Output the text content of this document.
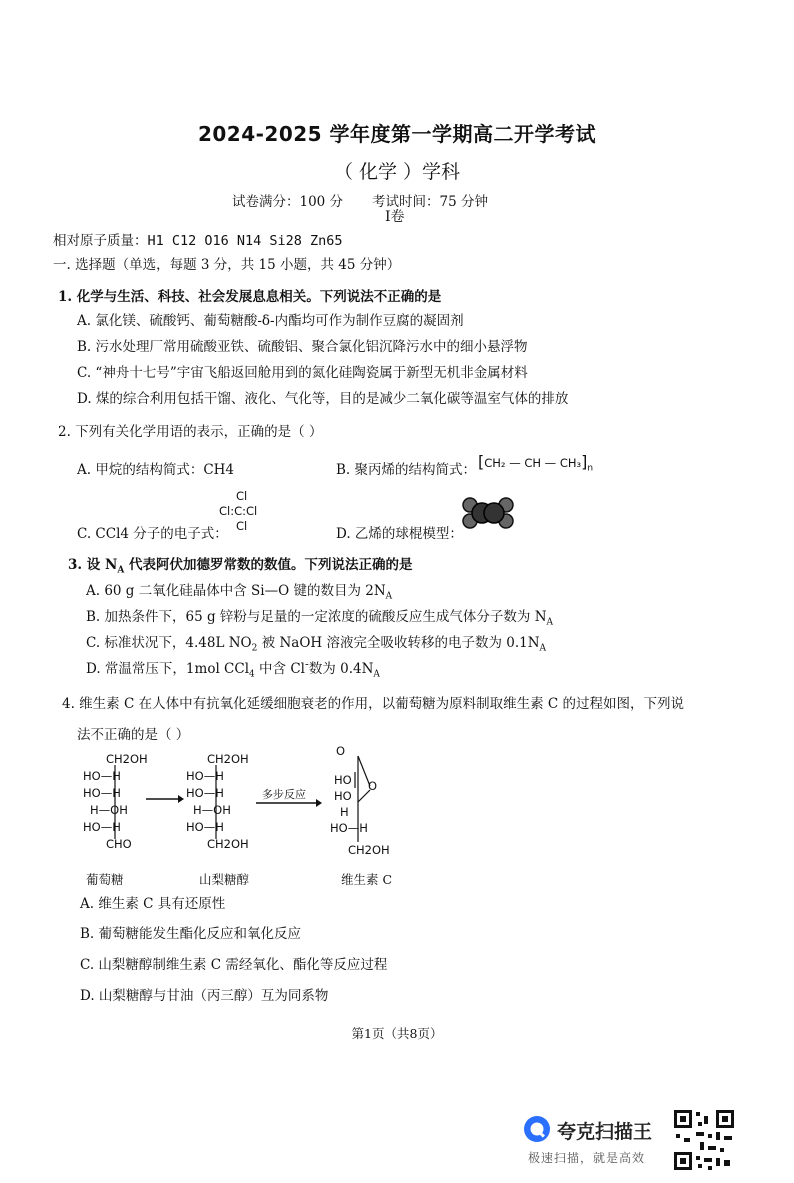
2024-2025 学年度第一学期高二开学考试
（ 化学 ）学科
试卷满分：100 分 考试时间：75 分钟
Ⅰ卷
相对原子质量：H1 C12 O16 N14 Si28 Zn65
一. 选择题（单选，每题 3 分，共 15 小题，共 45 分钟）
1. 化学与生活、科技、社会发展息息相关。下列说法不正确的是
A. 氯化镁、硫酸钙、葡萄糖酸-δ-内酯均可作为制作豆腐的凝固剂
B. 污水处理厂常用硫酸亚铁、硫酸铝、聚合氯化铝沉降污水中的细小悬浮物
C. “神舟十七号”宇宙飞船返回舱用到的氮化硅陶瓷属于新型无机非金属材料
D. 煤的综合利用包括干馏、液化、气化等，目的是减少二氧化碳等温室气体的排放
2. 下列有关化学用语的表示，正确的是（ ）
A. 甲烷的结构简式：CH4	B. 聚丙烯的结构简式： [CH₂ — CH — $CH_3]_n$
C. CCl4 分子的电子式：
Cl
Cl:C:Cl
Cl	D. 乙烯的球棍模型：
3. 设 $N_A$ 代表阿伏加德罗常数的数值。下列说法正确的是
A. 60 g 二氧化硅晶体中含 Si—O 键的数目为 $2N_A$
B. 加热条件下，65 g 锌粉与足量的一定浓度的硫酸反应生成气体分子数为 $N_A$
C. 标准状况下，4.48L $NO_2$ 被 NaOH 溶液完全吸收转移的电子数为 $0.1N_A$
D. 常温常压下，1mol CCl$_4$ 中含 Cl-数为 $0.4N_A$
4. 维生素 C 在人体中有抗氧化延缓细胞衰老的作用，以葡萄糖为原料制取维生素 C 的过程如图，下列说
法不正确的是（ ）
CH2OH
HO—H
HO—H
H—OH
HO—H
CHO
葡萄糖
CH2OH
HO—H
HO—H
H—OH
HO—H
CH2OH
山梨糖醇
多步反应
O
O
HO
HO
H
HO—H
CH2OH
维生素 C
A. 维生素 C 具有还原性
B. 葡萄糖能发生酯化反应和氧化反应
C. 山梨糖醇制维生素 C 需经氧化、酯化等反应过程
D. 山梨糖醇与甘油（丙三醇）互为同系物
第1页（共8页）
夸克扫描王
极速扫描，就是高效
